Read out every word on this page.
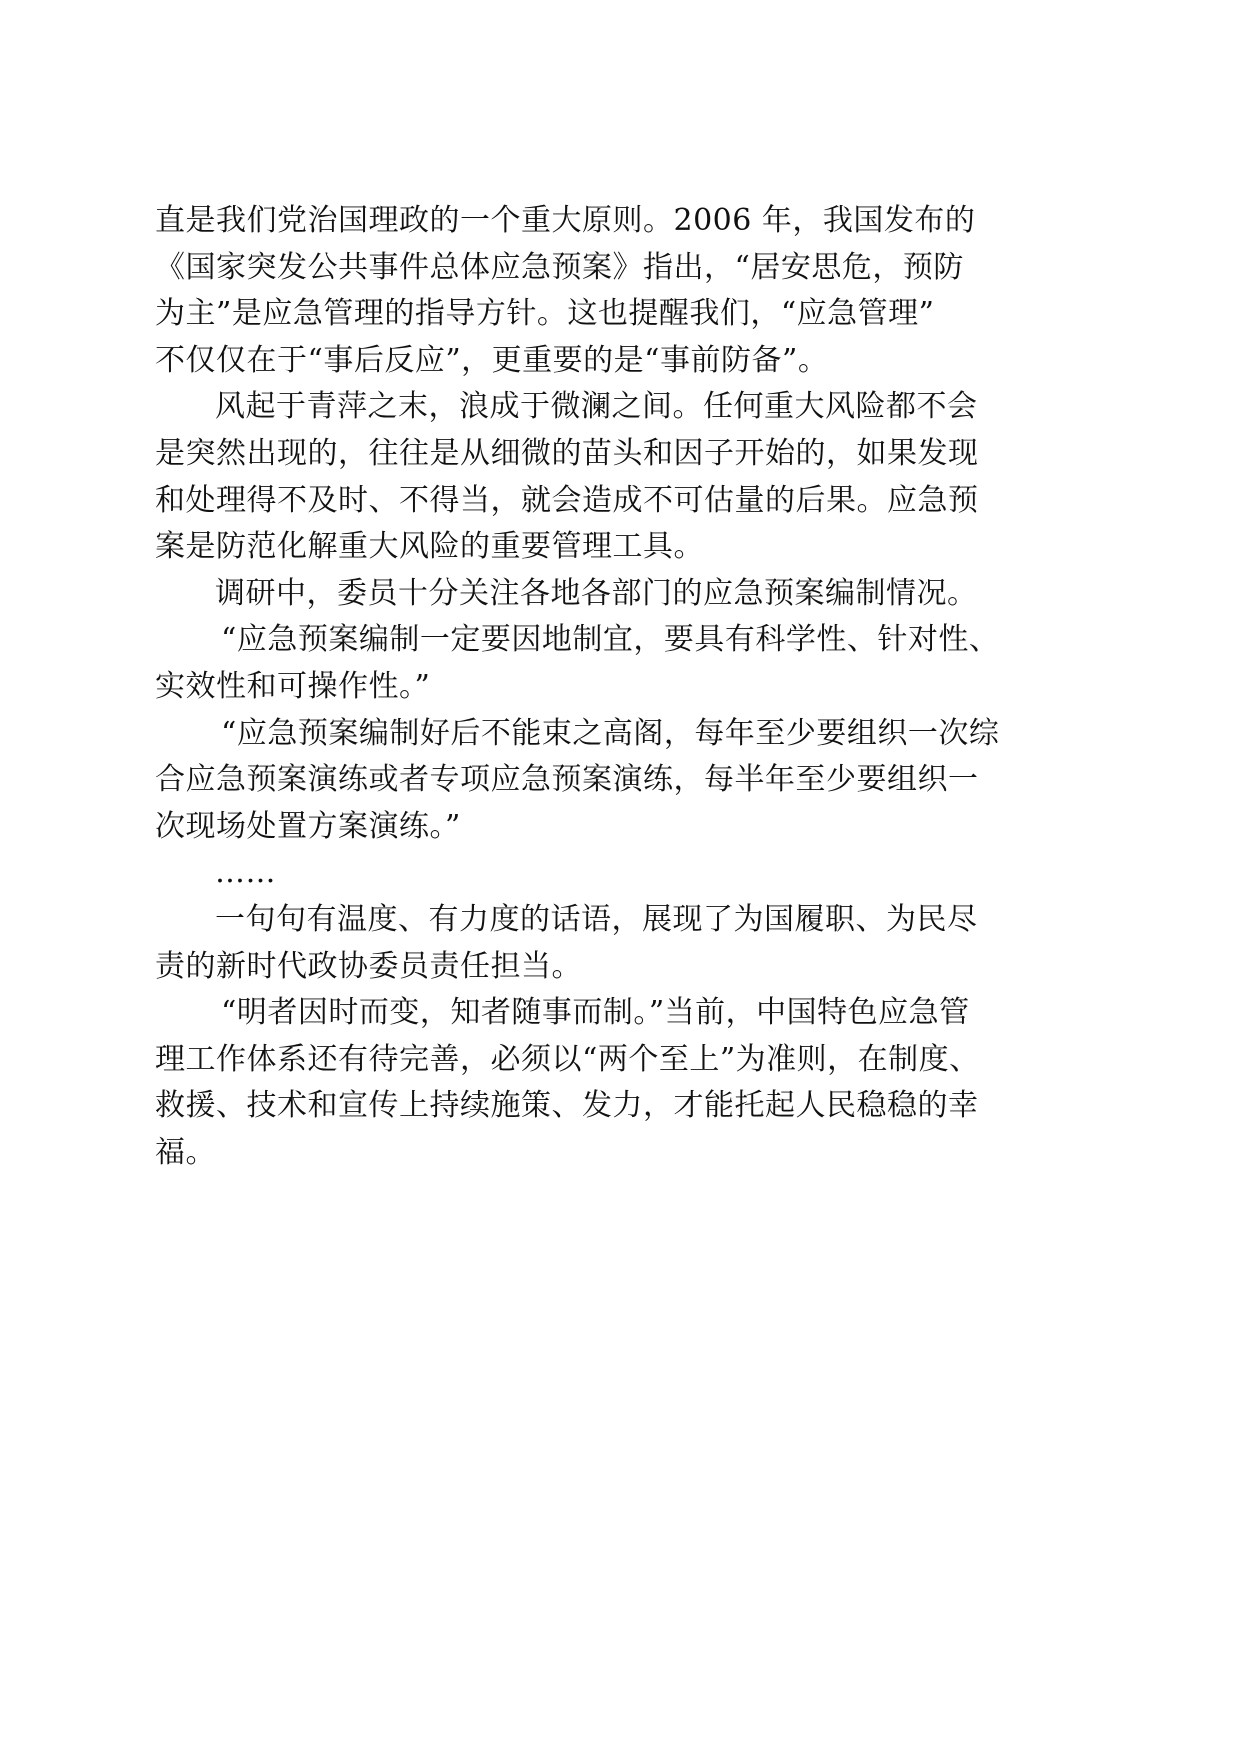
直是我们党治国理政的一个重大原则。2006 年，我国发布的
《国家突发公共事件总体应急预案》指出，“居安思危，预防
为主”是应急管理的指导方针。这也提醒我们，“应急管理”
不仅仅在于“事后反应”，更重要的是“事前防备”。
风起于青萍之末，浪成于微澜之间。任何重大风险都不会
是突然出现的，往往是从细微的苗头和因子开始的，如果发现
和处理得不及时、不得当，就会造成不可估量的后果。应急预
案是防范化解重大风险的重要管理工具。
调研中，委员十分关注各地各部门的应急预案编制情况。
“应急预案编制一定要因地制宜，要具有科学性、针对性、
实效性和可操作性。”
“应急预案编制好后不能束之高阁，每年至少要组织一次综
合应急预案演练或者专项应急预案演练，每半年至少要组织一
次现场处置方案演练。”
……
一句句有温度、有力度的话语，展现了为国履职、为民尽
责的新时代政协委员责任担当。
“明者因时而变，知者随事而制。”当前，中国特色应急管
理工作体系还有待完善，必须以“两个至上”为准则，在制度、
救援、技术和宣传上持续施策、发力，才能托起人民稳稳的幸
福。
